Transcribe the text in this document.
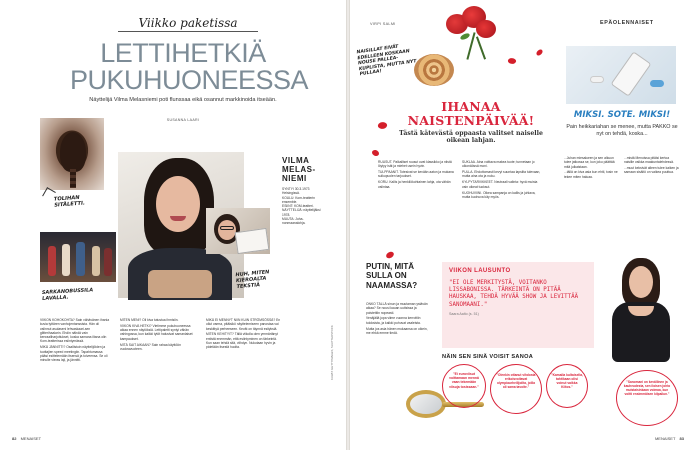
Viikko paketissa
LETTIHETKIÄ PUKUHUONEESSA
Näyttelijä Vilma Melasniemi poti flunssaa eikä osannut markkinoida itseään.
SUSANNA LAARI
TOLIHAN SITÄLETTI.
SARKANOBUSSILA LAVALLA.
HUH, MITEN KIEROALTA TEKSTIÄ
VILMA MELAS-NIEMI
SYNTYI 30.3.1973 Helsingissä.
KOULU: Kom-teatterin ensemble.
ESIINT: KOM-teatteri.
NÄYTTELIJÄ: näyttelijäksi 1978.
MUUTA: Juha-nonmaanalohja.

VIIKON KOHOKOHTA? Sain vähävänen ihania kuvia tyttären vanhojentanssista. Hän oli valinnut asulaseni lehvaskaari-sen glitterihaalarin. Ehdin nähdä vain kenraaliharjoitukset, koska samana iltana olin Kom-teatterissa esiintymässä.

MIKÄ JÄNNITTI? Osallistuin näyttelijöiden ja tuottajien speed meetingiin. Tapahtumassa pääsi esittelemään itsensä ja toiveensa. Se oli minulle vieras laji, ja jännitti.

MITEN MENI? Oli kiva tutustua ihmisiin.

VIIKON KIVA HETKI? Vietimme pukuhuoneessa aikaa ennen näytöksiä. Lettipaletti syntyi vähän vahingossa, kun kaikki tytöt halusivat samanlaiset kampaukset.

MITÄ SAIT AIKAAN? Sain rahaa käyttöön vuokravuoteen.

MIKÄ EI MENNYT NIIN KUIN STRÖMSÖSSÄ? En ollut varma, pitäisikö näyttelemiseen panostaa vai keskittyä perheeseen. Kevät on täynnä esityksiä.

MITEN KEHITYIT? Tällä viikolla olen ymmärtänyt entistä enemmän, että esiintyminen on tärkeintä. Kun saan tehdä sitä, viihdyn. Nukutaan hyvin ja pidetään itsestä huolta.

82 MENAISET
VIRPI SALMI	EPÄOLENNAISET
NAISILLAT EIVÄT EDELLEEN KOSKAAN NOUSE PALLEA-KUPLISTA, MUTTA NYT PULLAA!
IHANAA NAISTENPÄIVÄÄ!
Tästä kätevästä oppaasta valitset naiselle oikean lahjan.

RUUSUT. Palkalliset ruusut ovat klassikko ja niistä löytyy isät ja miehet usein hyvin.

TULPPAANIT. Totesivat se kevään aaton ja mukana sulkupuolen tarjoukset.

KORU. Kallis ja henkilökohtainen lahja, ota vähän valintaa.

SUKLAA. Aina voittava makea tuote; tunnetaan jo ulkonäössä moni.

PULLA. Ehdottomasti kevyt suuntaa lapsilta tulevaan, mutta aina ota ja nuku.

KYLPYTARVIKKEET. Neutraali valinta: hyvä muista vain oikeat tuoksut.

KUOHUVIINI. Oikea sampanja on kallis ja juhlava, mutta kuohuva käy myös.

MIKSI. SOTE. MIKSI!
Pain heikkariahan se menee, mutta PAKKO se nyt on tehdä, koska...

...Juhan miesalueen ja sen alkuun tulee jatkossa se, kun joku päättää mitä julkaistaan.

...tällä on kiva asia kun ehtii, tosin ne tekee miten haluaa.

...mistä Menoissa pitäisi kertoa naisille vaikka maakuntalehdessä.

...muut keksivät alleen tulee kaiken ja samaan sisältö on vaikea puuttua.

PUTIN, MITÄ SULLA ON NAAMASSA?

ONKO TÄLLÄ sinun ja muutaman ystävän aikaa? Se nousi kauan uutisissa ja poistettiin nopeasti.

Venäjällä jopa viime vuonna kerrottiin tuloksista, ja kaikki puhuvat vaaleista.

Mutta jos asia hänen mukaansa on oikein, me ehkä emme tiedä.

KUVAT: GETTYIMAGES, SHUTTERSTOCK
VIIKON LAUSUNTO
"EI OLE MERKITYSTÄ, VOITANKO LISSABONISSA. TÄRKEINTÄ ON PITÄÄ HAUSKAA, TEHDÄ HYVÄÄ SHOW JA LEVITTÄÄ SANOMAANI."
Saara Aalto (s. 51)
NÄIN SEN SINÄ VOISIT SANOA
"Ei euroviisut voittamaan mennä vaan tekemään viisuja tosissaan."
"Olenkin ottanut vihdosta erikoisvoitavat olympiaurheilijoilta, joilla oli sama tavoite."
"Kamalla kultaisella, tahtikaan olisi voinut vaikka Kiitos."
"Sanomani on kevällinen ja kauheudesta, sen iloisen johto muistaisinkaan voimaa, kun voitti ensimmäisen kilpailun."
MENAISET 83
